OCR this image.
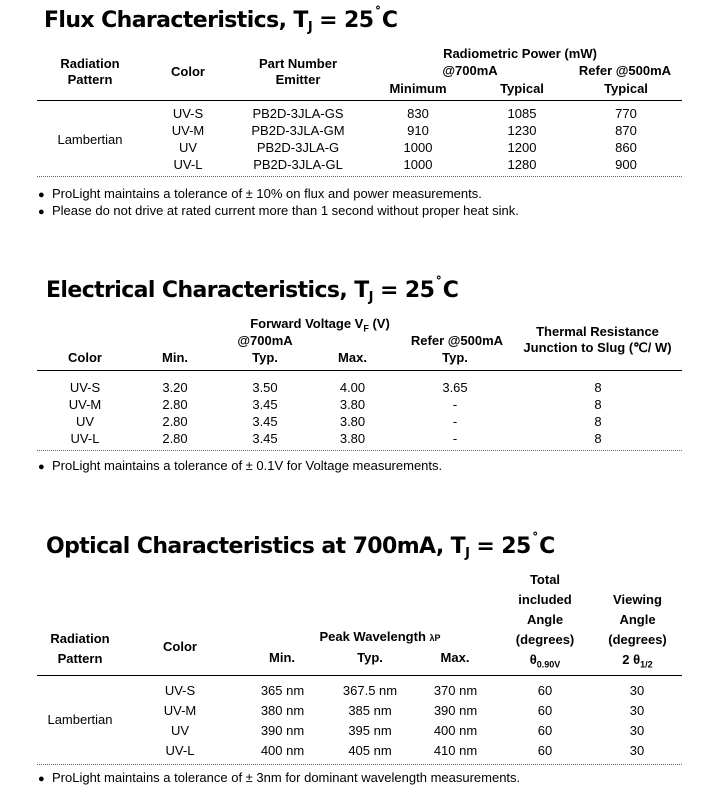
Flux Characteristics, $T_J = 25^˚C$
Radiation
Pattern
Color
Part Number
Emitter
Radiometric Power (mW)
@700mA	Refer @500mA
Minimum	Typical	Typical
Lambertian
UV-S	PB2D-3JLA-GS	830	1085	770
UV-M	PB2D-3JLA-GM	910	1230	870
UV	PB2D-3JLA-G	1000	1200	860
UV-L	PB2D-3JLA-GL	1000	1280	900
● ProLight maintains a tolerance of ± 10% on flux and power measurements.
● Please do not drive at rated current more than 1 second without proper heat sink.
Electrical Characteristics, $T_J = 25^˚C$
Forward Voltage $V_F$ (V)
@700mA	Refer @500mA
Thermal Resistance
Junction to Slug (℃/ W)
Color	Min.	Typ.	Max.	Typ.
UV-S	3.20	3.50	4.00	3.65	8
UV-M	2.80	3.45	3.80	-	8
UV	2.80	3.45	3.80	-	8
UV-L	2.80	3.45	3.80	-	8
● ProLight maintains a tolerance of ± 0.1V for Voltage measurements.
Optical Characteristics at 700mA, $T_J = 25^˚C$
Total
included
Angle
(degrees)
$\theta_{0.90V}$
Viewing
Angle
(degrees)
2 $\theta_{1/2}$
Radiation
Pattern
Color
Peak Wavelength λP
Min.	Typ.	Max.
Lambertian
UV-S	365 nm	367.5 nm	370 nm	60	30
UV-M	380 nm	385 nm	390 nm	60	30
UV	390 nm	395 nm	400 nm	60	30
UV-L	400 nm	405 nm	410 nm	60	30
● ProLight maintains a tolerance of ± 3nm for dominant wavelength measurements.
